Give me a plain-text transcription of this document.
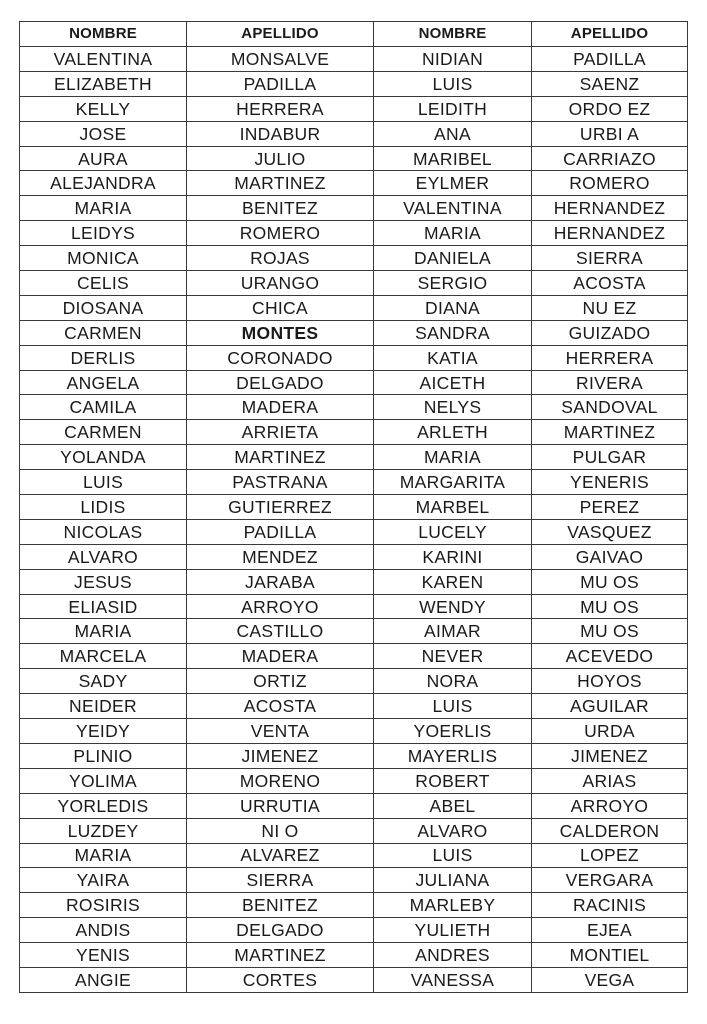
NOMBRE	APELLIDO	NOMBRE	APELLIDO
VALENTINA	MONSALVE	NIDIAN	PADILLA
ELIZABETH	PADILLA	LUIS	SAENZ
KELLY	HERRERA	LEIDITH	ORDO EZ
JOSE	INDABUR	ANA	URBI A
AURA	JULIO	MARIBEL	CARRIAZO
ALEJANDRA	MARTINEZ	EYLMER	ROMERO
MARIA	BENITEZ	VALENTINA	HERNANDEZ
LEIDYS	ROMERO	MARIA	HERNANDEZ
MONICA	ROJAS	DANIELA	SIERRA
CELIS	URANGO	SERGIO	ACOSTA
DIOSANA	CHICA	DIANA	NU EZ
CARMEN	MONTES	SANDRA	GUIZADO
DERLIS	CORONADO	KATIA	HERRERA
ANGELA	DELGADO	AICETH	RIVERA
CAMILA	MADERA	NELYS	SANDOVAL
CARMEN	ARRIETA	ARLETH	MARTINEZ
YOLANDA	MARTINEZ	MARIA	PULGAR
LUIS	PASTRANA	MARGARITA	YENERIS
LIDIS	GUTIERREZ	MARBEL	PEREZ
NICOLAS	PADILLA	LUCELY	VASQUEZ
ALVARO	MENDEZ	KARINI	GAIVAO
JESUS	JARABA	KAREN	MU OS
ELIASID	ARROYO	WENDY	MU OS
MARIA	CASTILLO	AIMAR	MU OS
MARCELA	MADERA	NEVER	ACEVEDO
SADY	ORTIZ	NORA	HOYOS
NEIDER	ACOSTA	LUIS	AGUILAR
YEIDY	VENTA	YOERLIS	URDA
PLINIO	JIMENEZ	MAYERLIS	JIMENEZ
YOLIMA	MORENO	ROBERT	ARIAS
YORLEDIS	URRUTIA	ABEL	ARROYO
LUZDEY	NI O	ALVARO	CALDERON
MARIA	ALVAREZ	LUIS	LOPEZ
YAIRA	SIERRA	JULIANA	VERGARA
ROSIRIS	BENITEZ	MARLEBY	RACINIS
ANDIS	DELGADO	YULIETH	EJEA
YENIS	MARTINEZ	ANDRES	MONTIEL
ANGIE	CORTES	VANESSA	VEGA
